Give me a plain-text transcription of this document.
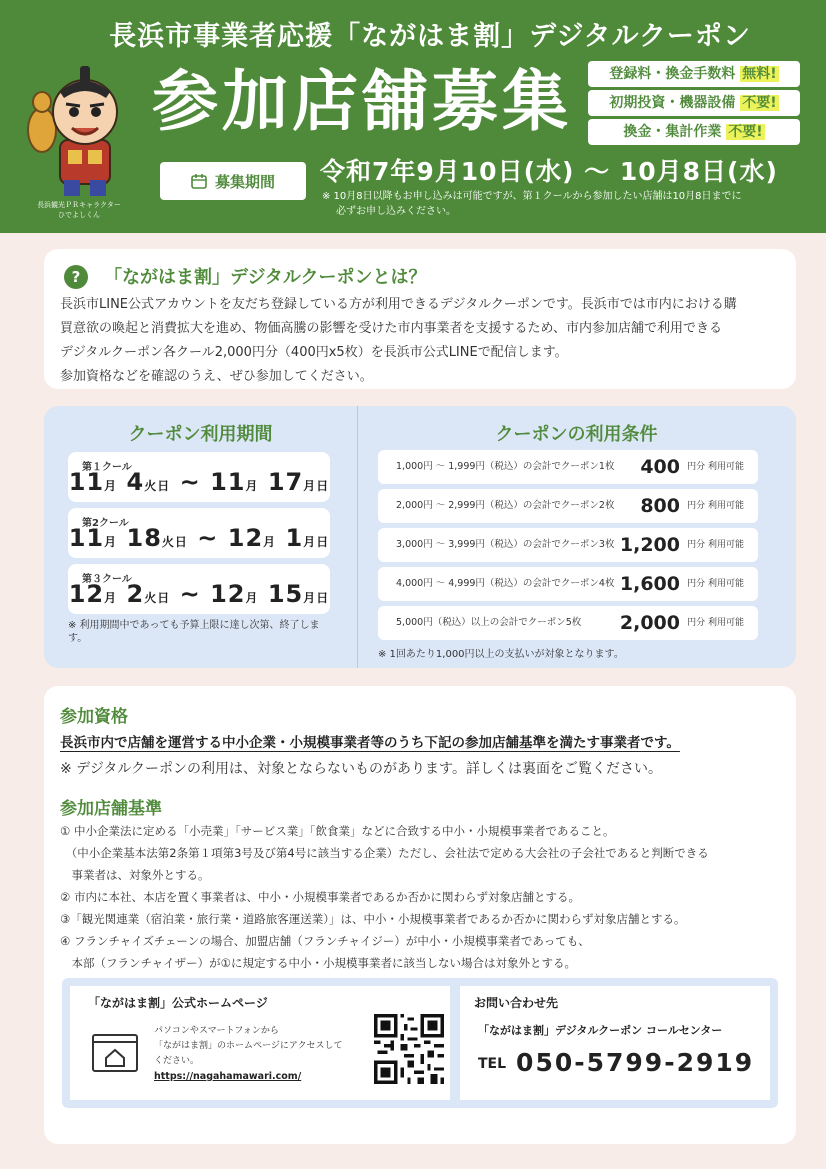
長浜市事業者応援「ながはま割」デジタルクーポン
長浜観光ＰＲキャラクター
ひでよしくん
参加店舗募集	登録料・換金手数料 無料!
初期投資・機器設備 不要!
換金・集計作業 不要!
募集期間 令和7年9月10日(水) 〜 10月8日(水)
※ 10月8日以降もお申し込みは可能ですが、第１クールから参加したい店舗は10月8日までに
必ずお申し込みください。
?	「ながはま割」デジタルクーポンとは？
長浜市LINE公式アカウントを友だち登録している方が利用できるデジタルクーポンです。長浜市では市内における購
買意欲の喚起と消費拡大を進め、物価高騰の影響を受けた市内事業者を支援するため、市内参加店舗で利用できる
デジタルクーポン各クール2,000円分（400円x5枚）を長浜市公式LINEで配信します。
参加資格などを確認のうえ、ぜひ参加してください。
クーポン利用期間
第１クール
11月 4火日 ~ 11月 17月日
第2クール
11月 18火日 ~ 12月 1月日
第３クール
12月 2火日 ~ 12月 15月日
※ 利用期間中であっても予算上限に達し次第、終了します。
クーポンの利用条件
1,000円 ～ 1,999円（税込）の会計でクーポン1枚 400 円分 利用可能
2,000円 ～ 2,999円（税込）の会計でクーポン2枚 800 円分 利用可能
3,000円 ～ 3,999円（税込）の会計でクーポン3枚 1,200 円分 利用可能
4,000円 ～ 4,999円（税込）の会計でクーポン4枚 1,600 円分 利用可能
5,000円（税込）以上の会計でクーポン5枚 2,000 円分 利用可能
※ 1回あたり1,000円以上の支払いが対象となります。
参加資格
長浜市内で店舗を運営する中小企業・小規模事業者等のうち下記の参加店舗基準を満たす事業者です。
※ デジタルクーポンの利用は、対象とならないものがあります。詳しくは裏面をご覧ください。
参加店舗基準
① 中小企業法に定める「小売業」「サービス業」「飲食業」などに合致する中小・小規模事業者であること。
　（中小企業基本法第2条第１項第3号及び第4号に該当する企業）ただし、会社法で定める大会社の子会社であると判断できる
　事業者は、対象外とする。
② 市内に本社、本店を置く事業者は、中小・小規模事業者であるか否かに関わらず対象店舗とする。
③「観光関連業（宿泊業・旅行業・道路旅客運送業）」は、中小・小規模事業者であるか否かに関わらず対象店舗とする。
④ フランチャイズチェーンの場合、加盟店舗（フランチャイジー）が中小・小規模事業者であっても、
　本部（フランチャイザー）が①に規定する中小・小規模事業者に該当しない場合は対象外とする。
「ながはま割」公式ホームページ
パソコンやスマートフォンから
「ながはま割」のホームページにアクセスして
ください。
https://nagahamawari.com/
お問い合わせ先
「ながはま割」デジタルクーポン コールセンター
TEL 050-5799-2919
